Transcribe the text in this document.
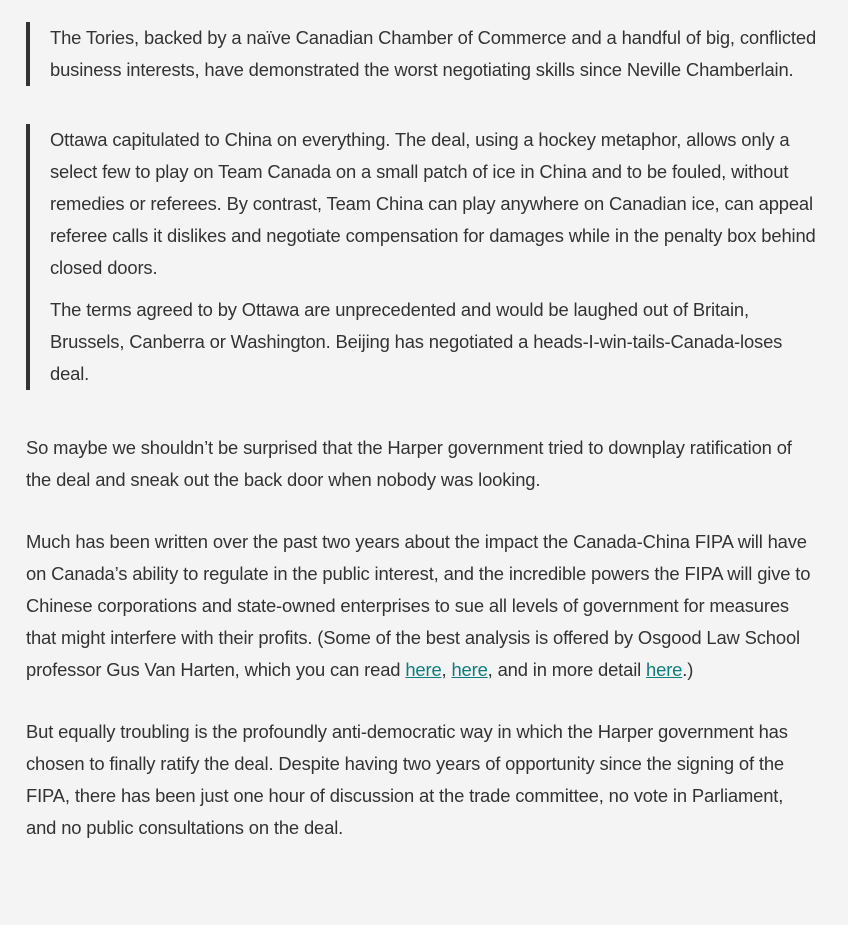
The Tories, backed by a naïve Canadian Chamber of Commerce and a handful of big, conflicted business interests, have demonstrated the worst negotiating skills since Neville Chamberlain.

Ottawa capitulated to China on everything. The deal, using a hockey metaphor, allows only a select few to play on Team Canada on a small patch of ice in China and to be fouled, without remedies or referees. By contrast, Team China can play anywhere on Canadian ice, can appeal referee calls it dislikes and negotiate compensation for damages while in the penalty box behind closed doors.

The terms agreed to by Ottawa are unprecedented and would be laughed out of Britain, Brussels, Canberra or Washington. Beijing has negotiated a heads-I-win-tails-Canada-loses deal.

So maybe we shouldn’t be surprised that the Harper government tried to downplay ratification of the deal and sneak out the back door when nobody was looking.

Much has been written over the past two years about the impact the Canada-China FIPA will have on Canada’s ability to regulate in the public interest, and the incredible powers the FIPA will give to Chinese corporations and state-owned enterprises to sue all levels of government for measures that might interfere with their profits. (Some of the best analysis is offered by Osgood Law School professor Gus Van Harten, which you can read here, here, and in more detail here.)

But equally troubling is the profoundly anti-democratic way in which the Harper government has chosen to finally ratify the deal. Despite having two years of opportunity since the signing of the FIPA, there has been just one hour of discussion at the trade committee, no vote in Parliament, and no public consultations on the deal.
